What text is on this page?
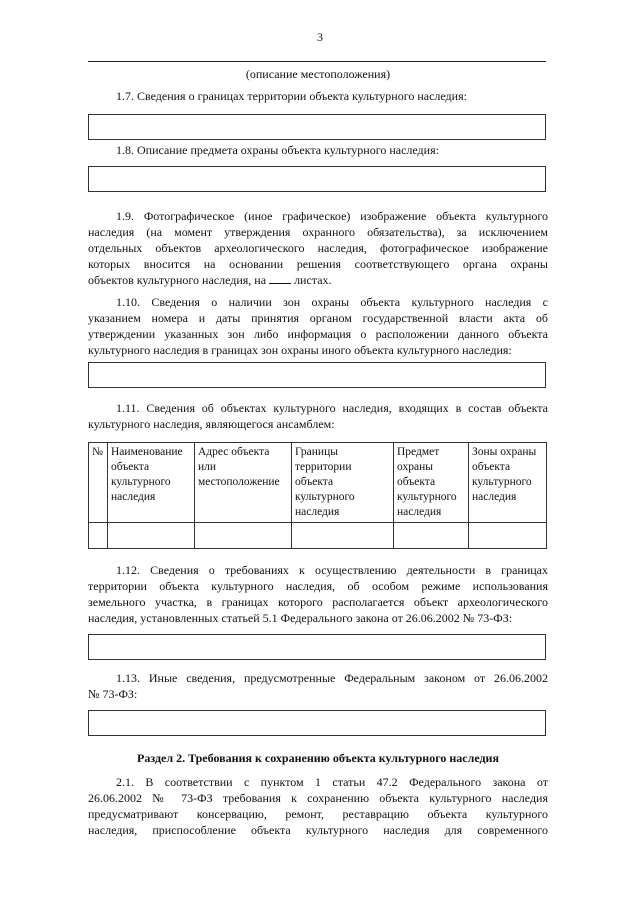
3
(описание местоположения)
1.7. Сведения о границах территории объекта культурного наследия:
1.8. Описание предмета охраны объекта культурного наследия:
1.9. Фотографическое (иное графическое) изображение объекта культурного
наследия (на момент утверждения охранного обязательства), за исключением
отдельных объектов археологического наследия, фотографическое изображение
которых вносится на основании решения соответствующего органа охраны
объектов культурного наследия, на листах.
1.10. Сведения о наличии зон охраны объекта культурного наследия с
указанием номера и даты принятия органом государственной власти акта об
утверждении указанных зон либо информация о расположении данного объекта
культурного наследия в границах зон охраны иного объекта культурного наследия:
1.11. Сведения об объектах культурного наследия, входящих в состав объекта
культурного наследия, являющегося ансамблем:
№	Наименование объекта культурного наследия	Адрес объекта или местоположение	Границы территории объекта культурного наследия	Предмет охраны объекта культурного наследия	Зоны охраны объекта культурного наследия

1.12. Сведения о требованиях к осуществлению деятельности в границах
территории объекта культурного наследия, об особом режиме использования
земельного участка, в границах которого располагается объект археологического
наследия, установленных статьей 5.1 Федерального закона от 26.06.2002 № 73-ФЗ:
1.13. Иные сведения, предусмотренные Федеральным законом от 26.06.2002
№ 73-ФЗ:
Раздел 2. Требования к сохранению объекта культурного наследия
2.1. В соответствии с пунктом 1 статьи 47.2 Федерального закона от
26.06.2002 № 73-ФЗ требования к сохранению объекта культурного наследия
предусматривают консервацию, ремонт, реставрацию объекта культурного
наследия, приспособление объекта культурного наследия для современного
